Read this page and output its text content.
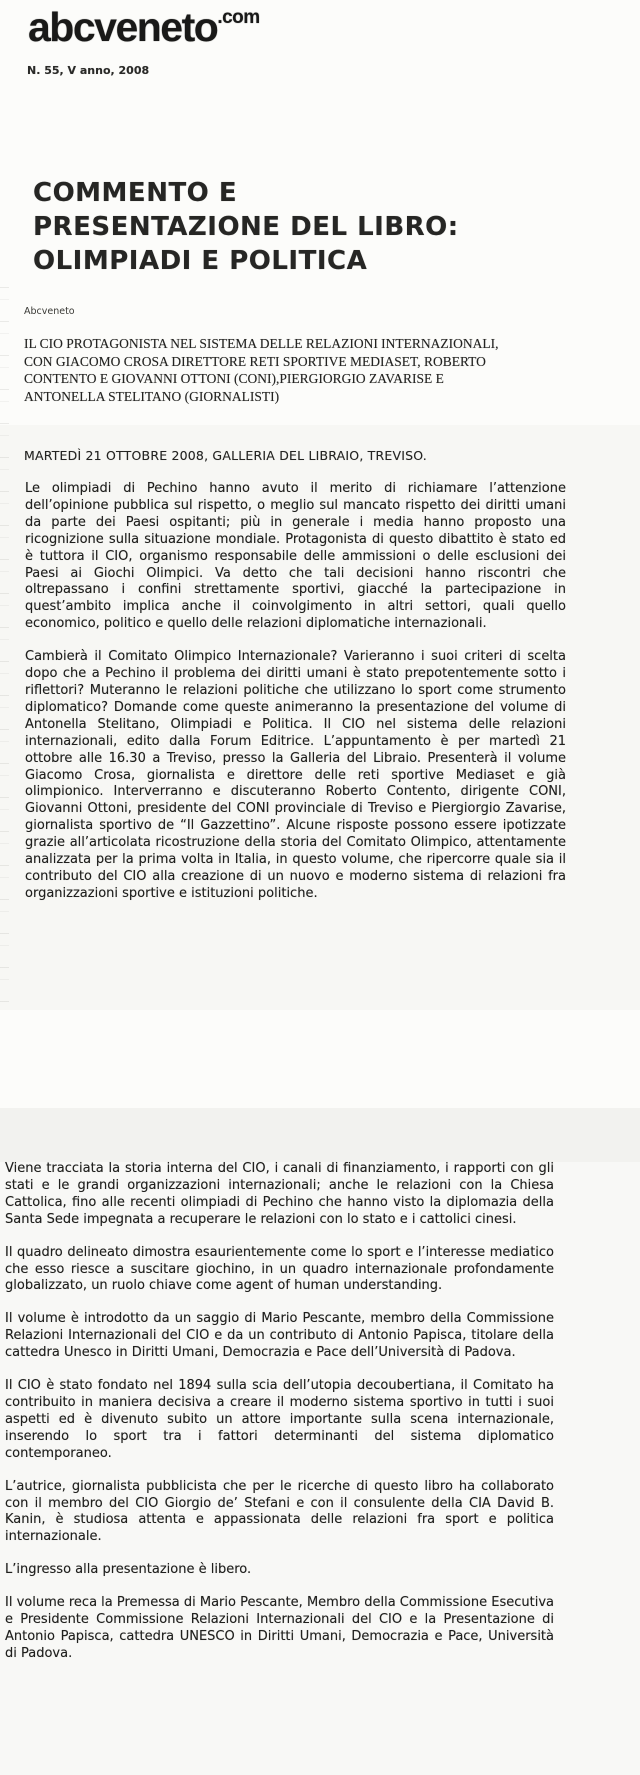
abcveneto$^{.com}$
N. 55, V anno, 2008
COMMENTO E
PRESENTAZIONE DEL LIBRO:
OLIMPIADI E POLITICA
Abcveneto
IL CIO PROTAGONISTA NEL SISTEMA DELLE RELAZIONI INTERNAZIONALI, CON GIACOMO CROSA DIRETTORE RETI SPORTIVE MEDIASET, ROBERTO CONTENTO E GIOVANNI OTTONI (CONI),PIERGIORGIO ZAVARISE E ANTONELLA STELITANO (GIORNALISTI)
MARTEDÌ 21 OTTOBRE 2008, GALLERIA DEL LIBRAIO, TREVISO.

Le olimpiadi di Pechino hanno avuto il merito di richiamare l’attenzione dell’opinione pubblica sul rispetto, o meglio sul mancato rispetto dei diritti umani da parte dei Paesi ospitanti; più in generale i media hanno proposto una ricognizione sulla situazione mondiale. Protagonista di questo dibattito è stato ed è tuttora il CIO, organismo responsabile delle ammissioni o delle esclusioni dei Paesi ai Giochi Olimpici. Va detto che tali decisioni hanno riscontri che oltrepassano i confini strettamente sportivi, giacché la partecipazione in quest’ambito implica anche il coinvolgimento in altri settori, quali quello economico, politico e quello delle relazioni diplomatiche internazionali.

Cambierà il Comitato Olimpico Internazionale? Varieranno i suoi criteri di scelta dopo che a Pechino il problema dei diritti umani è stato prepotentemente sotto i riflettori? Muteranno le relazioni politiche che utilizzano lo sport come strumento diplomatico? Domande come queste animeranno la presentazione del volume di Antonella Stelitano, Olimpiadi e Politica. Il CIO nel sistema delle relazioni internazionali, edito dalla Forum Editrice. L’appuntamento è per martedì 21 ottobre alle 16.30 a Treviso, presso la Galleria del Libraio. Presenterà il volume Giacomo Crosa, giornalista e direttore delle reti sportive Mediaset e già olimpionico. Interverranno e discuteranno Roberto Contento, dirigente CONI, Giovanni Ottoni, presidente del CONI provinciale di Treviso e Piergiorgio Zavarise, giornalista sportivo de “Il Gazzettino”. Alcune risposte possono essere ipotizzate grazie all’articolata ricostruzione della storia del Comitato Olimpico, attentamente analizzata per la prima volta in Italia, in questo volume, che ripercorre quale sia il contributo del CIO alla creazione di un nuovo e moderno sistema di relazioni fra organizzazioni sportive e istituzioni politiche.

Viene tracciata la storia interna del CIO, i canali di finanziamento, i rapporti con gli stati e le grandi organizzazioni internazionali; anche le relazioni con la Chiesa Cattolica, fino alle recenti olimpiadi di Pechino che hanno visto la diplomazia della Santa Sede impegnata a recuperare le relazioni con lo stato e i cattolici cinesi.

Il quadro delineato dimostra esaurientemente come lo sport e l’interesse mediatico che esso riesce a suscitare giochino, in un quadro internazionale profondamente globalizzato, un ruolo chiave come agent of human understanding.

Il volume è introdotto da un saggio di Mario Pescante, membro della Commissione Relazioni Internazionali del CIO e da un contributo di Antonio Papisca, titolare della cattedra Unesco in Diritti Umani, Democrazia e Pace dell’Università di Padova.

Il CIO è stato fondato nel 1894 sulla scia dell’utopia decoubertiana, il Comitato ha contribuito in maniera decisiva a creare il moderno sistema sportivo in tutti i suoi aspetti ed è divenuto subito un attore importante sulla scena internazionale, inserendo lo sport tra i fattori determinanti del sistema diplomatico contemporaneo.

L’autrice, giornalista pubblicista che per le ricerche di questo libro ha collaborato con il membro del CIO Giorgio de’ Stefani e con il consulente della CIA David B. Kanin, è studiosa attenta e appassionata delle relazioni fra sport e politica internazionale.

L’ingresso alla presentazione è libero.

Il volume reca la Premessa di Mario Pescante, Membro della Commissione Esecutiva e Presidente Commissione Relazioni Internazionali del CIO e la Presentazione di Antonio Papisca, cattedra UNESCO in Diritti Umani, Democrazia e Pace, Università di Padova.
